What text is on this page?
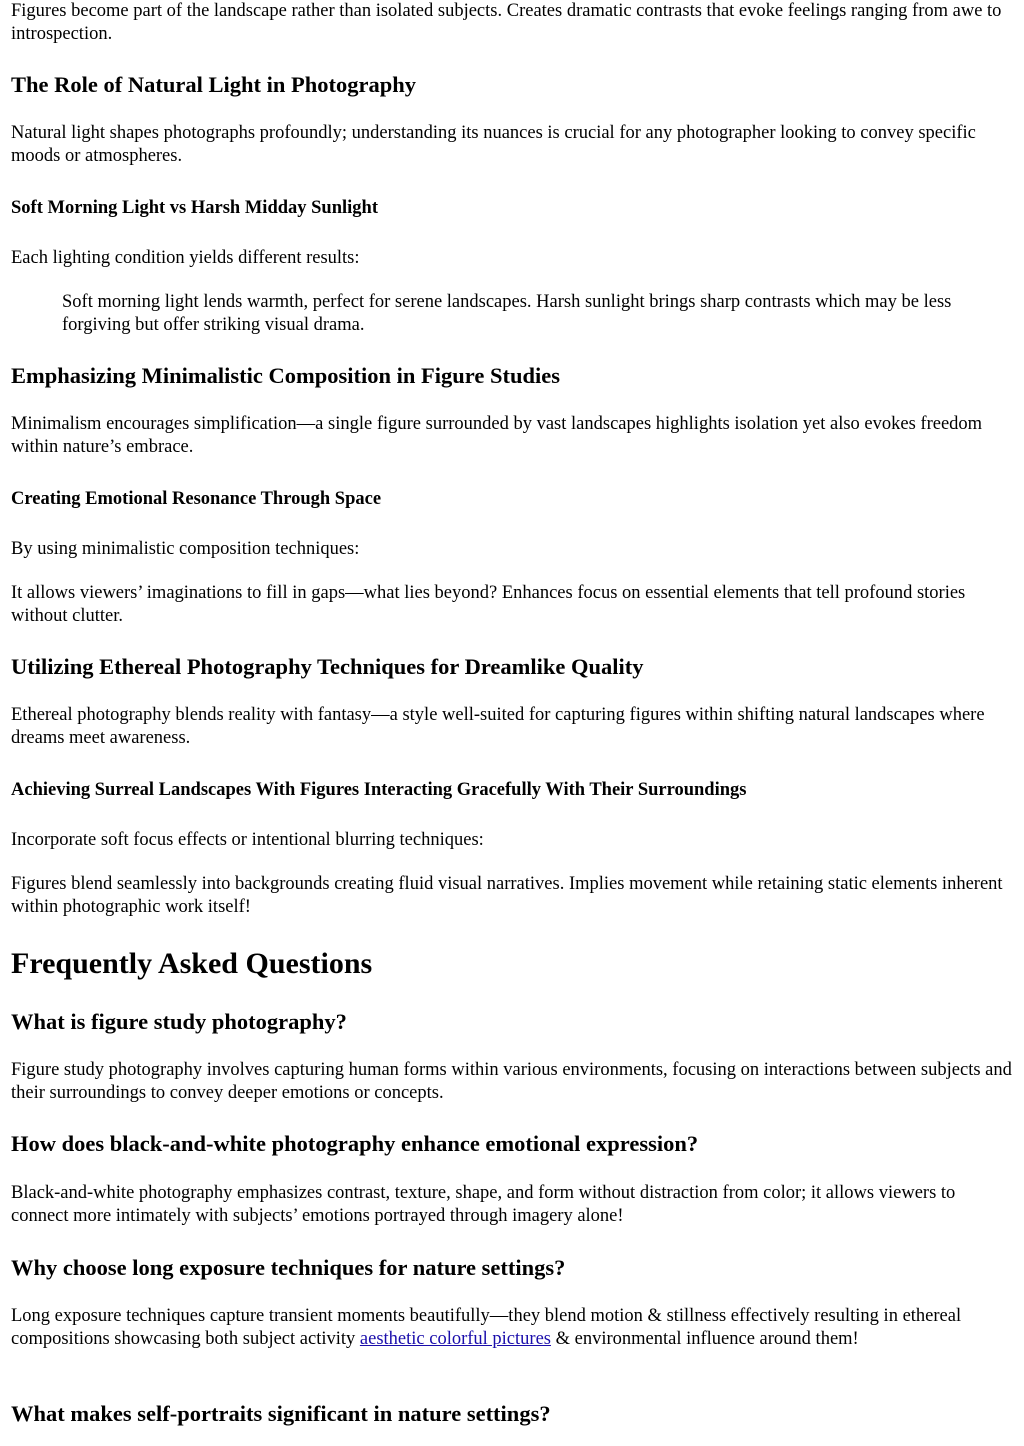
Figures become part of the landscape rather than isolated subjects. Creates dramatic contrasts that evoke feelings ranging from awe to introspection.

The Role of Natural Light in Photography

Natural light shapes photographs profoundly; understanding its nuances is crucial for any photographer looking to convey specific moods or atmospheres.

Soft Morning Light vs Harsh Midday Sunlight

Each lighting condition yields different results:

Soft morning light lends warmth, perfect for serene landscapes. Harsh sunlight brings sharp contrasts which may be less forgiving but offer striking visual drama.

Emphasizing Minimalistic Composition in Figure Studies

Minimalism encourages simplification—a single figure surrounded by vast landscapes highlights isolation yet also evokes freedom within nature’s embrace.

Creating Emotional Resonance Through Space

By using minimalistic composition techniques:

It allows viewers’ imaginations to fill in gaps—what lies beyond? Enhances focus on essential elements that tell profound stories without clutter.

Utilizing Ethereal Photography Techniques for Dreamlike Quality

Ethereal photography blends reality with fantasy—a style well-suited for capturing figures within shifting natural landscapes where dreams meet awareness.

Achieving Surreal Landscapes With Figures Interacting Gracefully With Their Surroundings

Incorporate soft focus effects or intentional blurring techniques:

Figures blend seamlessly into backgrounds creating fluid visual narratives. Implies movement while retaining static elements inherent within photographic work itself!

Frequently Asked Questions
What is figure study photography?

Figure study photography involves capturing human forms within various environments, focusing on interactions between subjects and their surroundings to convey deeper emotions or concepts.

How does black-and-white photography enhance emotional expression?

Black-and-white photography emphasizes contrast, texture, shape, and form without distraction from color; it allows viewers to connect more intimately with subjects’ emotions portrayed through imagery alone!

Why choose long exposure techniques for nature settings?

Long exposure techniques capture transient moments beautifully—they blend motion & stillness effectively resulting in ethereal compositions showcasing both subject activity aesthetic colorful pictures & environmental influence around them!

What makes self-portraits significant in nature settings?
